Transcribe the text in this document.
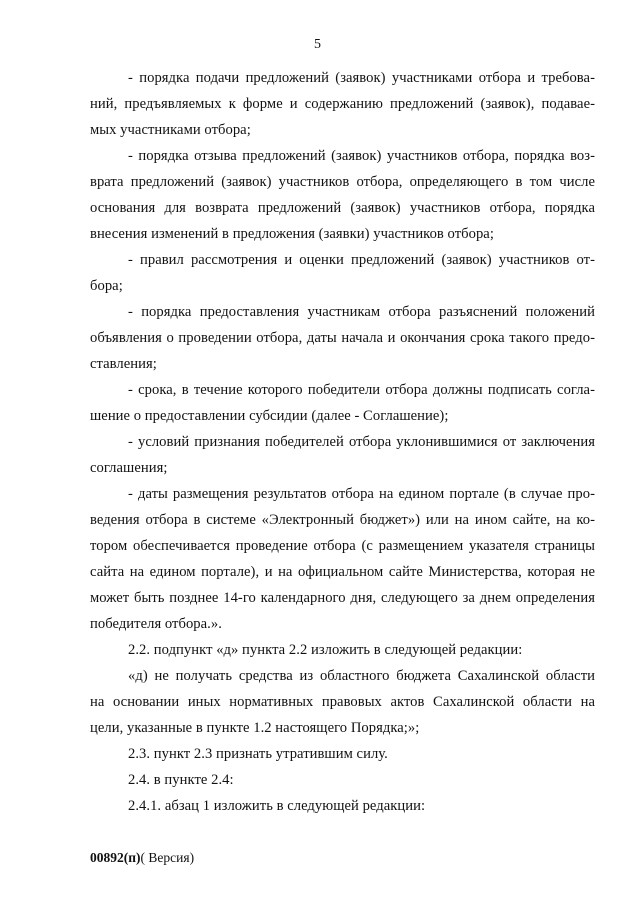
5
- порядка подачи предложений (заявок) участниками отбора и требова-
ний, предъявляемых к форме и содержанию предложений (заявок), подавае-
мых участниками отбора;
- порядка отзыва предложений (заявок) участников отбора, порядка воз-
врата предложений (заявок) участников отбора, определяющего в том числе
основания для возврата предложений (заявок) участников отбора, порядка
внесения изменений в предложения (заявки) участников отбора;
- правил рассмотрения и оценки предложений (заявок) участников от-
бора;
- порядка предоставления участникам отбора разъяснений положений
объявления о проведении отбора, даты начала и окончания срока такого предо-
ставления;
- срока, в течение которого победители отбора должны подписать согла-
шение о предоставлении субсидии (далее - Соглашение);
- условий признания победителей отбора уклонившимися от заключения
соглашения;
- даты размещения результатов отбора на едином портале (в случае про-
ведения отбора в системе «Электронный бюджет») или на ином сайте, на ко-
тором обеспечивается проведение отбора (с размещением указателя страницы
сайта на едином портале), и на официальном сайте Министерства, которая не
может быть позднее 14-го календарного дня, следующего за днем определения
победителя отбора.».
2.2. подпункт «д» пункта 2.2 изложить в следующей редакции:
«д) не получать средства из областного бюджета Сахалинской области
на основании иных нормативных правовых актов Сахалинской области на
цели, указанные в пункте 1.2 настоящего Порядка;»;
2.3. пункт 2.3 признать утратившим силу.
2.4. в пункте 2.4:
2.4.1. абзац 1 изложить в следующей редакции:
00892(п)( Версия)
